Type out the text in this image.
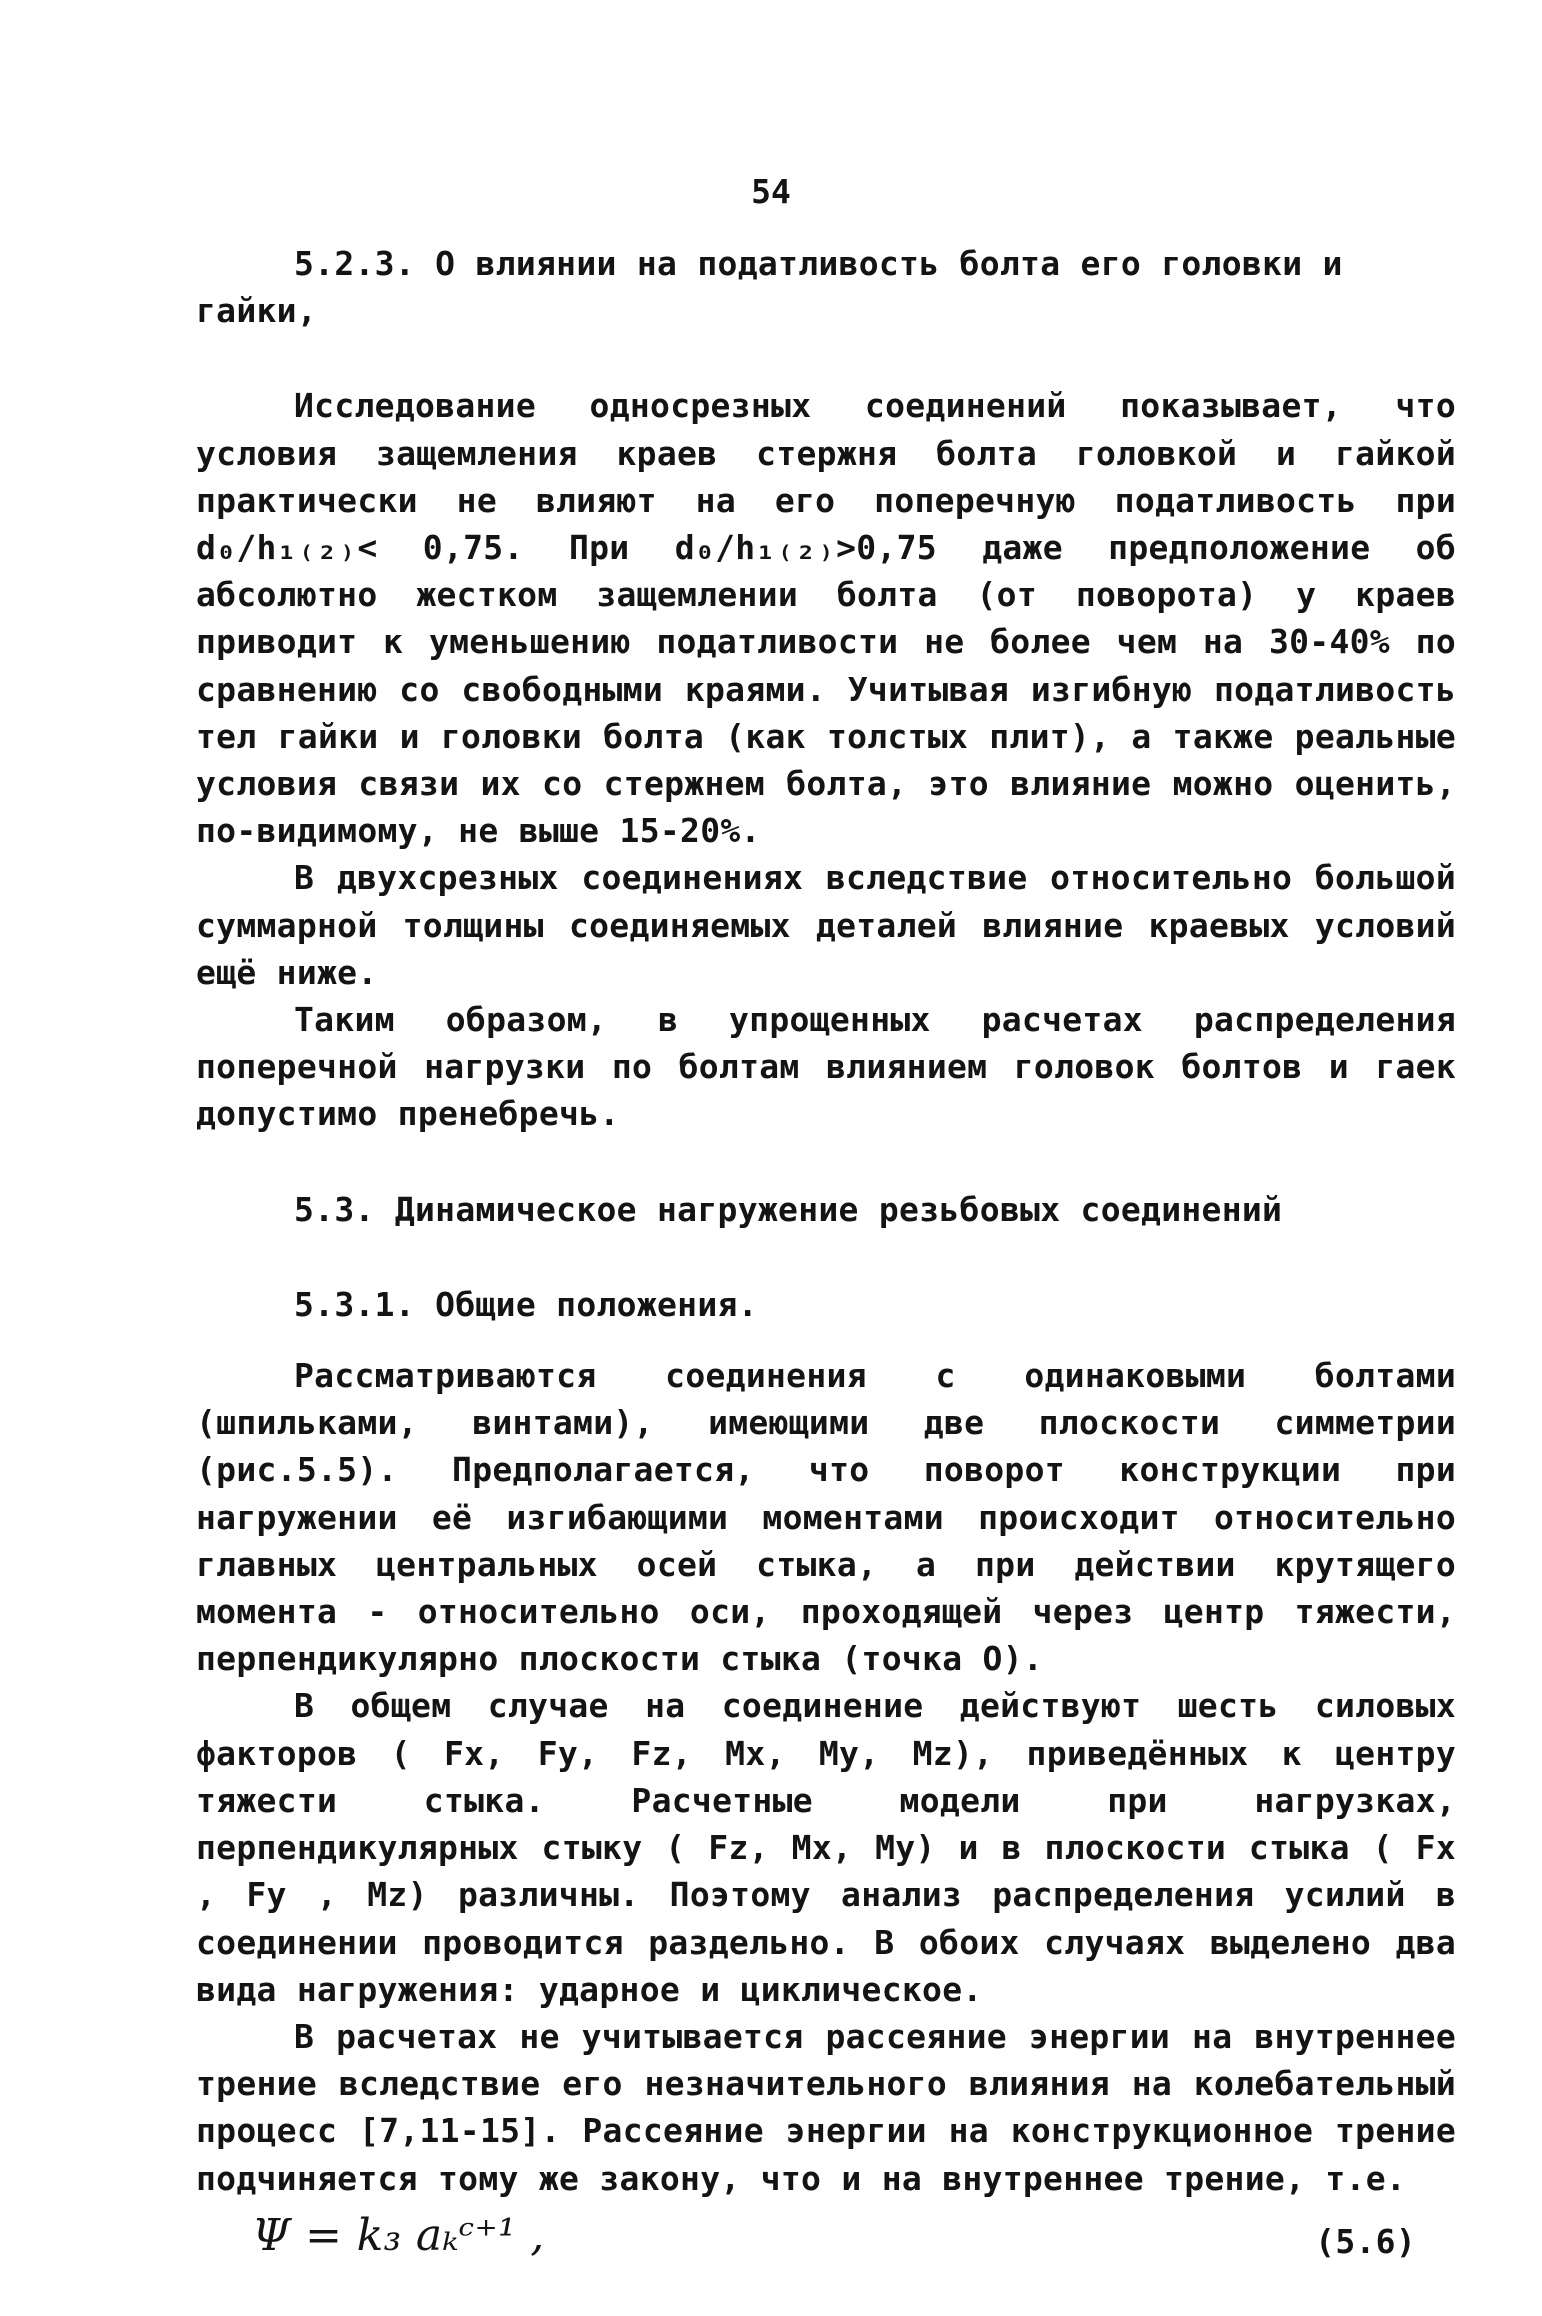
54

5.2.3. О влиянии на податливость болта его головки и гайки,

Исследование односрезных соединений показывает, что условия защемления краев стержня болта головкой и гайкой практически не влияют на его поперечную податливость при d₀/h₁₍₂₎< 0,75. При d₀/h₁₍₂₎>0,75 даже предположение об абсолютно жестком защемлении болта (от поворота) у краев приводит к уменьшению податливости не более чем на 30-40% по сравнению со свободными краями. Учитывая изгибную податливость тел гайки и головки болта (как толстых плит), а также реальные условия связи их со стержнем болта, это влияние можно оценить, по-видимому, не выше 15-20%.

В двухсрезных соединениях вследствие относительно большой суммарной толщины соединяемых деталей влияние краевых условий ещё ниже.

Таким образом, в упрощенных расчетах распределения поперечной нагрузки по болтам влиянием головок болтов и гаек допустимо пренебречь.

5.3. Динамическое нагружение резьбовых соединений

5.3.1. Общие положения.

Рассматриваются соединения с одинаковыми болтами (шпильками, винтами), имеющими две плоскости симметрии (рис.5.5). Предполагается, что поворот конструкции при нагружении её изгибающими моментами происходит относительно главных центральных осей стыка, а при действии крутящего момента - относительно оси, проходящей через центр тяжести, перпендикулярно плоскости стыка (точка O).

В общем случае на соединение действуют шесть силовых факторов ( Fx, Fy, Fz, Mx, My, Mz), приведённых к центру тяжести стыка. Расчетные модели при нагрузках, перпендикулярных стыку ( Fz, Mx, My) и в плоскости стыка ( Fx , Fy , Mz) различны. Поэтому анализ распределения усилий в соединении проводится раздельно. В обоих случаях выделено два вида нагружения: ударное и циклическое.

В расчетах не учитывается рассеяние энергии на внутреннее трение вследствие его незначительного влияния на колебательный процесс [7,11-15]. Рассеяние энергии на конструкционное трение подчиняется тому же закону, что и на внутреннее трение, т.е.

Ψ = k₃ aₖᶜ⁺¹ ,	(5.6)
